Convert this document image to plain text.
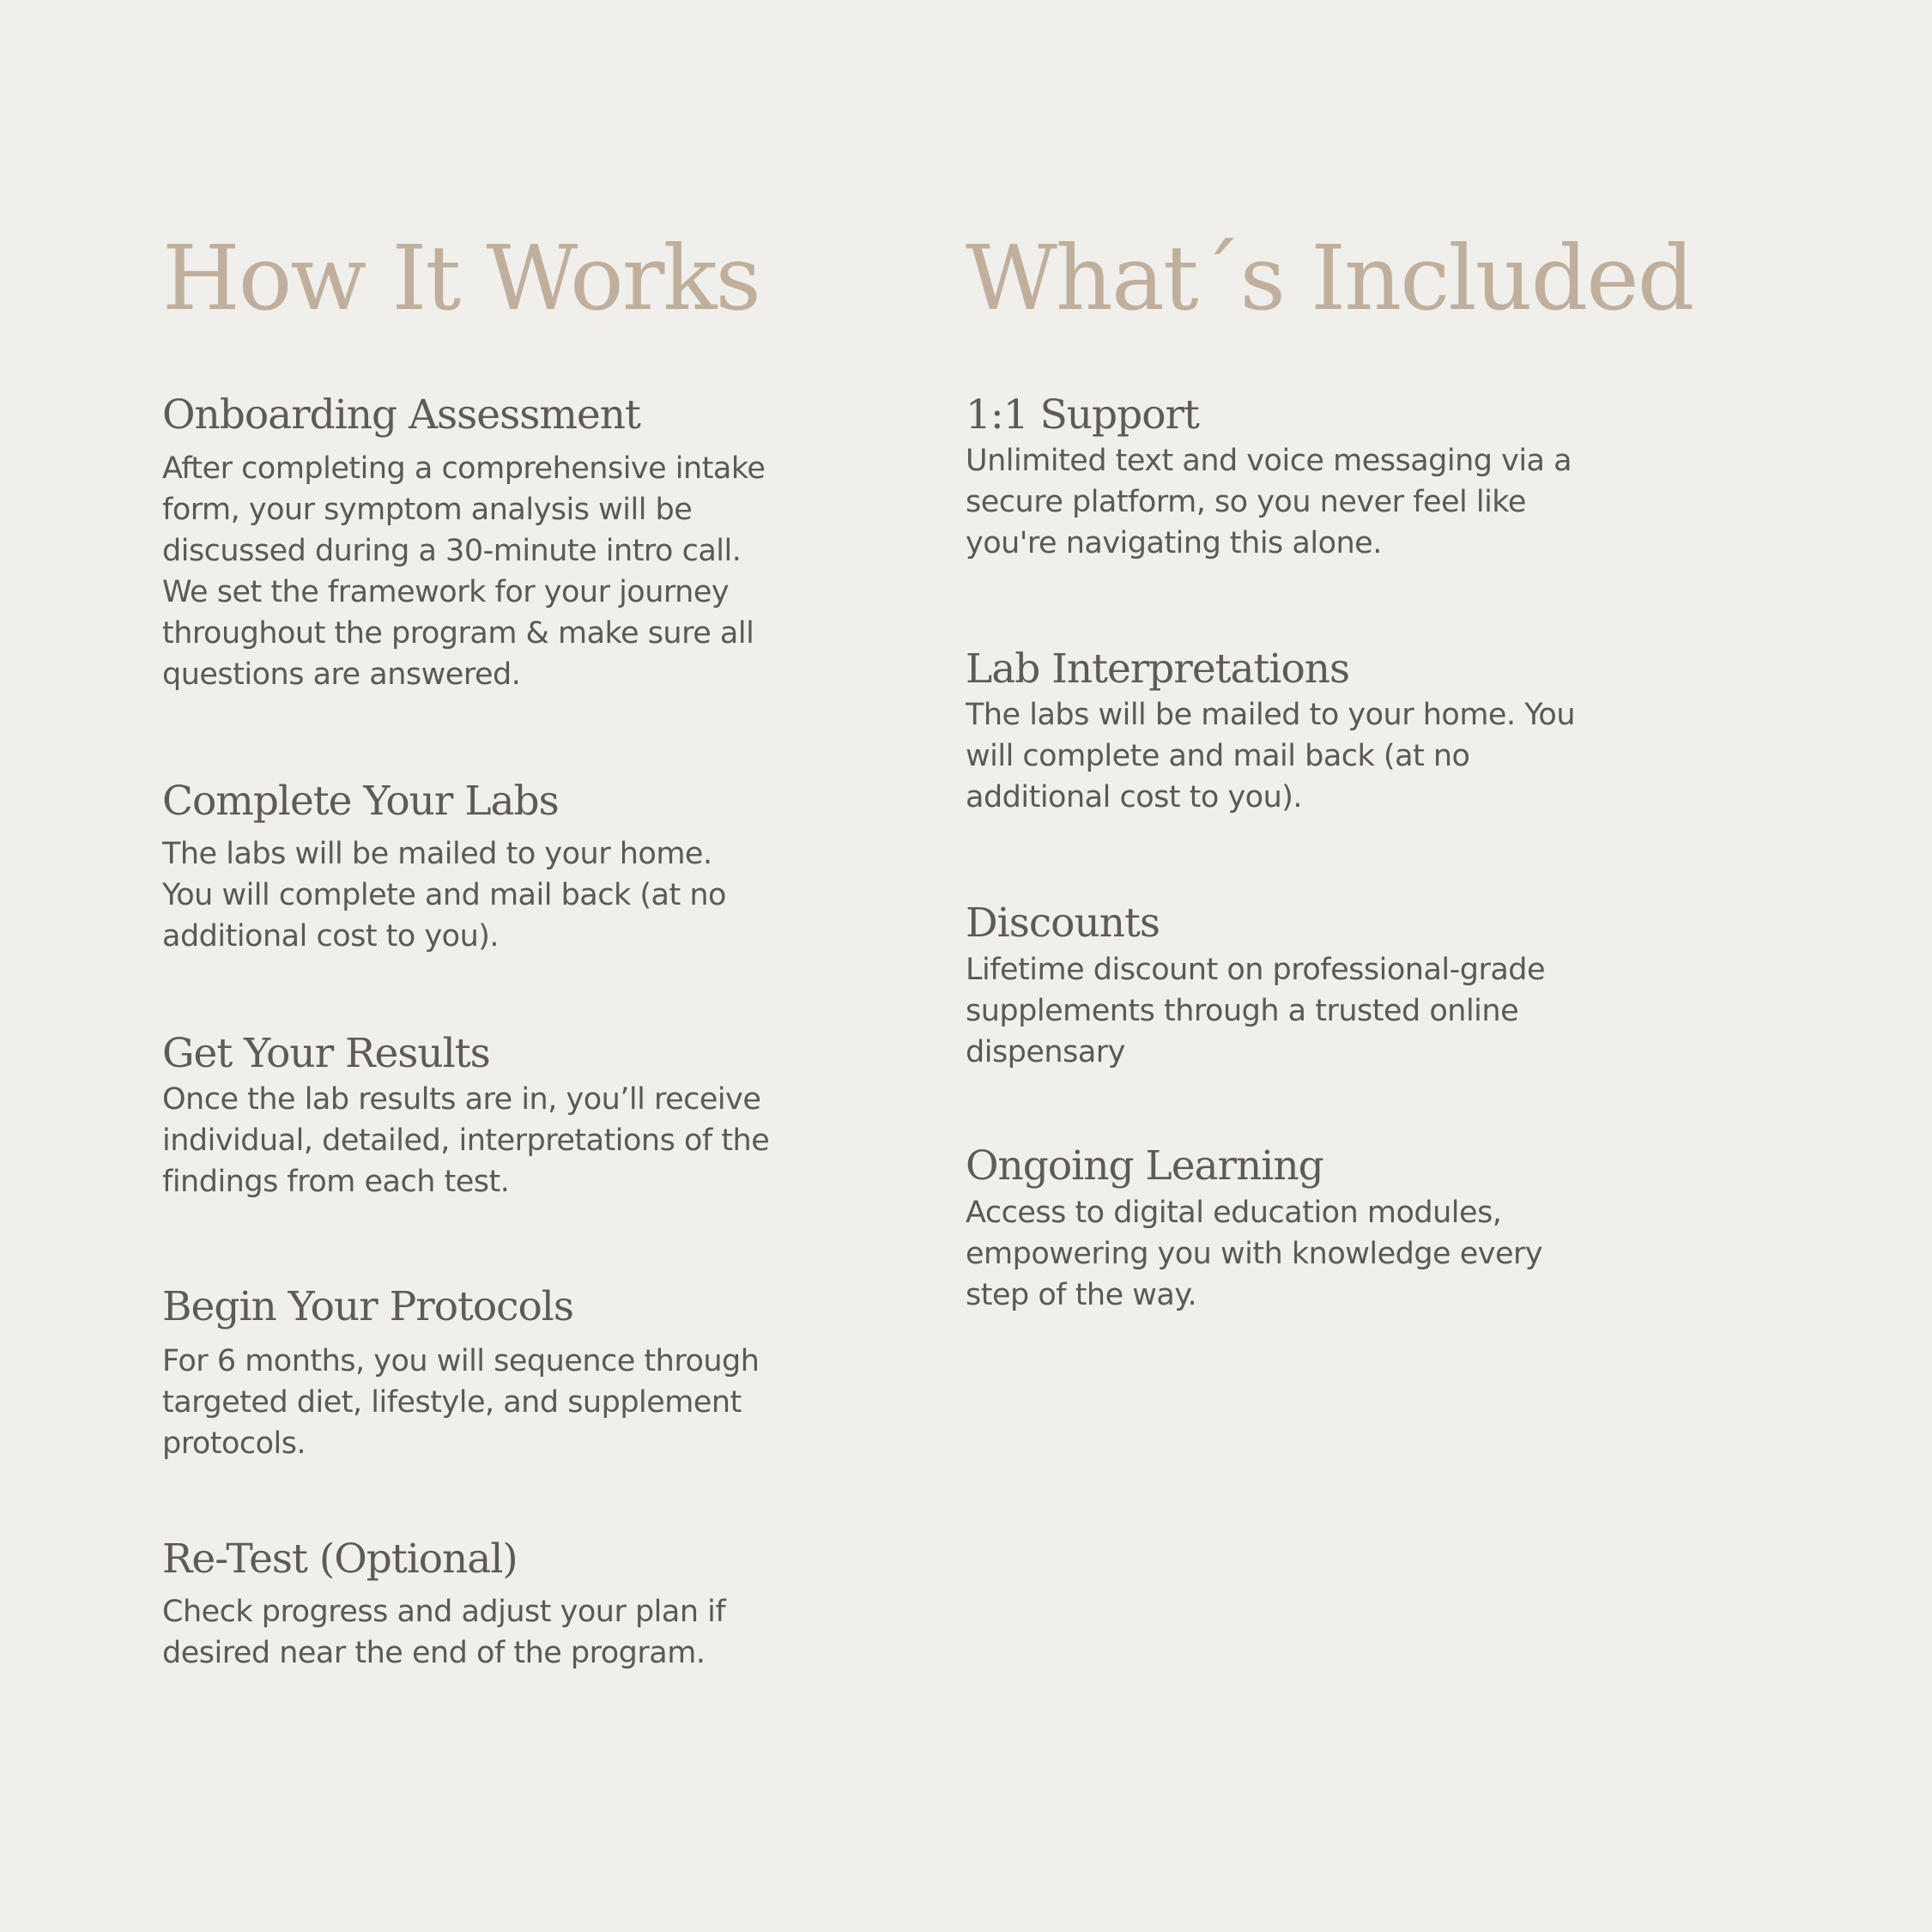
How It Works
Onboarding Assessment

After completing a comprehensive intake
form, your symptom analysis will be
discussed during a 30-minute intro call.
We set the framework for your journey
throughout the program & make sure all
questions are answered.

Complete Your Labs

The labs will be mailed to your home.
You will complete and mail back (at no
additional cost to you).

Get Your Results

Once the lab results are in, you’ll receive
individual, detailed, interpretations of the
findings from each test.

Begin Your Protocols

For 6 months, you will sequence through
targeted diet, lifestyle, and supplement
protocols.

Re-Test (Optional)

Check progress and adjust your plan if
desired near the end of the program.

What´s Included
1:1 Support

Unlimited text and voice messaging via a
secure platform, so you never feel like
you're navigating this alone.

Lab Interpretations

The labs will be mailed to your home. You
will complete and mail back (at no
additional cost to you).

Discounts

Lifetime discount on professional-grade
supplements through a trusted online
dispensary

Ongoing Learning

Access to digital education modules,
empowering you with knowledge every
step of the way.
